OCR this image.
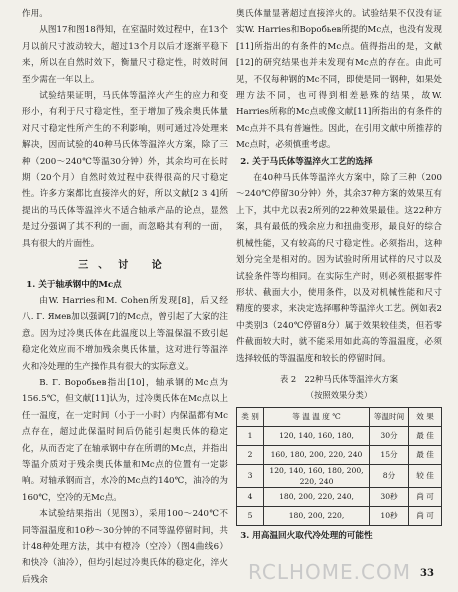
作用。

从图17和图18得知，在室温时效过程中，在13个月以前尺寸波动较大，超过13个月以后才逐渐平稳下来，所以在自然时效下，衡量尺寸稳定性，时效时间至少需在一年以上。

试验结果证明，马氏体等温淬火产生的应力和变形小，有利于尺寸稳定性，至于增加了残余奥氏体量对尺寸稳定性所产生的不利影响，则可通过冷处理来解决，因而试验的40种马氏体等温淬火方案，除了三种（200～240℃等温30分钟）外，其余均可在长时期（20个月）自然时效过程中获得很高的尺寸稳定性。许多方案都比直接淬火的好，所以文献[2 3 4]所提出的马氏体等温淬火不适合轴承产品的论点，显然是过分强调了其不利的一面，而忽略其有利的一面，具有很大的片面性。

三、讨 论

1. 关于轴承钢中的Mc点

由W. Harries和M. Cohen所发现[8]，后又经八. Г. Ямев加以强调[7]的Mc点，曾引起了大家的注意。因为过冷奥氏体在此温度以上等温保温不致引起稳定化效应而不增加残余奥氏体量，这对进行等温淬火和冷处理的生产操作具有很大的实际意义。

B. Г. Воробьев指出[10]，轴承钢的Mc点为156.5℃，但文献[11]认为，过冷奥氏体在Mc点以上任一温度，在一定时间（小于一小时）内保温都有Mc点存在，超过此保温时间后仍能引起奥氏体的稳定化，从而否定了在轴承钢中存在所谓的Mc点，并指出等温介质对于残余奥氏体量和Mc点的位置有一定影响。对轴承钢而言，水冷的Mc点约140℃，油冷的为160℃，空冷的无Mc点。

本试验结果指出（见图3），采用100～240℃不同等温温度和10秒～30分钟的不同等温停留时间，共计48种处理方法，其中有橙冷（空冷）（图4曲线6）和快冷（油冷），但均引起过冷奥氏体的稳定化，淬火后残余

奥氏体量显著超过直接淬火的。试验结果不仅没有证实W. Harries和Воробьев所提的Mc点，也没有发现[11]所指出的有条件的Mc点。值得指出的是，文献[12]的研究结果也并未发现有Mc点的存在。由此可见，不仅每种钢的Mc不同，即使是同一钢种，如果处理方法不同，也可得到相差悬殊的结果，故W. Harries所称的Mc点或像文献[11]所指出的有条件的Mc点并不具有普遍性。因此，在引用文献中所推荐的Mc点时，必须慎重考虑。

2. 关于马氏体等温淬火工艺的选择

在40种马氏体等温淬火方案中，除了三种（200～240℃停留30分钟）外，其余37种方案的效果互有上下，其中尤以表2所列的22种效果最佳。这22种方案，具有最低的残余应力和扭曲变形，最良好的综合机械性能，又有较高的尺寸稳定性。必须指出，这种划分完全是相对的。因为试验时所用试样的尺寸以及试验条件等均相同。在实际生产时，则必须根据零件形状、截面大小，使用条件，以及对机械性能和尺寸精度的要求，来决定选择哪种等温淬火工艺。例如表2中类别3（240℃停留8分）属于效果较佳类，但若零件截面较大时，就不能采用如此高的等温温度，必须选择较低的等温温度和较长的停留时间。

表 2　22种马氏体等温淬火方案
（按照效果分类）
类 别	等 温 温 度 ℃	等温时间	效 果
1	120, 140, 160, 180,	30分	最 佳
2	160, 180, 200, 220, 240	15分	最 佳
3	120, 140, 160, 180, 200, 220, 240	8分	较 佳
4	180, 200, 220, 240,	30秒	尚 可
5	180, 200, 220,	10秒	尚 可

3. 用高温回火取代冷处理的可能性

RCLHOME.COM 33
